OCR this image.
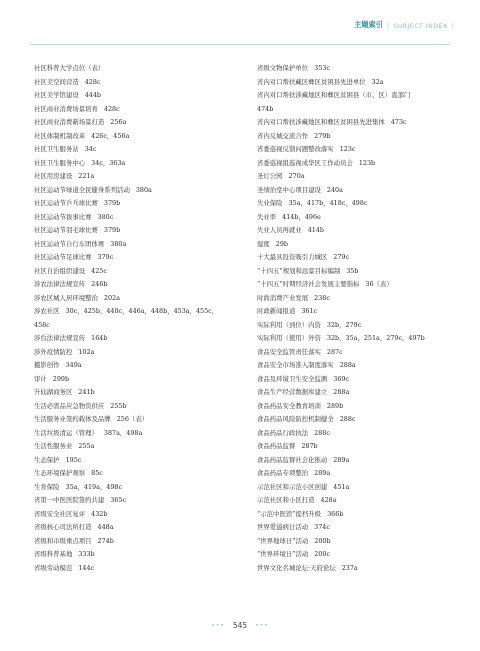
主题索引 | SUBJECT INDEX |
社区科普大学点位（表）
社区美空间营造 428c
社区美学馆建设 444b
社区商业消费场景培育 428c
社区商业消费新场景打造 256a
社区体制机制改革 426c，456a
社区卫生服务站 34c
社区卫生服务中心 34c，363a
社区用房建设 221a
社区运动节绿道全民健身系列活动 380a
社区运动节乒乓球比赛 379b
社区运动节拔事比赛 380c
社区运动节羽毛球比赛 379b
社区运动节自行车团体赛 380a
社区运动节足球比赛 379c
社区自治组织建设 425c
涉农法律法规宣传 246b
涉农区城人居环境整治 202a
涉农社区 30c，425b，440c，446a，448b，453a，455c，
458c
涉台法律法规宣传 164b
涉外疫情防控 102a
摄影创作 349a
审计 299b
升仙湖商务区 241b
生活必需品应急物资供应 255b
生活服务业签约载体及品牌 256（表）
生活垃圾清运（管理） 387a，498a
生活性服务业 255a
生态保护 195c
生态环境保护观察 85c
生育保险 35a，419a，498c
省第一中医医院签约共建 365c
省级安全社区复评 432b
省级核心司法所打造 448a
省级和市级重点项目 274b
省级科普基地 333b
省级劳动模范 144c
省级文物保护单位 353c
省内对口帮扶藏区彝区贫困县先进单位 32a
省内对口帮扶涉藏地区和彝区贫困县（市、区）直部门
474b
省内对口帮扶涉藏地区和彝区贫困县先进集体 473c
省内反城交流合作 279b
省委巡视反馈问题整改落实 123c
省委巡视组巡视成华区工作动员会 123b
圣灯公园 270a
圣绩治堂中心项目建设 240a
失业保险 35a，417b，418c，498c
失业率 414b，496e
失业人员再就业 414b
湿度 29b
十大最具投资吸引力城区 279c
“十四五”规划和远景目标编制 35b
“十四五”时期经济社会发展主要指标 36（表）
时尚消费产业发展 238c
时政新闻报道 361c
实际利用（到位）内资 32b，279c
实际利用（使用）外资 32b，35a，251a，279c，497b
食品安全监管责任落实 287c
食品安全市场准入制度落实 288a
食品及环境卫生安全监测 369c
食品生产经营数据库建立 288a
食品药品安全教育培训 289b
食品药品风险防控机制健全 288c
食品药品行政执法 288c
食品药品监督 287b
食品药品监督社会化推动 289a
食品药品专项整治 289a
示范社区和示范小区创建 451a
示范社区和小区打造 428a
“示范中医馆”提档升级 366b
世界爱滋病日活动 374c
“世界地球日”活动 200b
“世界环境日”活动 200c
世界文化名城论坛·天府论坛 237a
••• 545 •••
